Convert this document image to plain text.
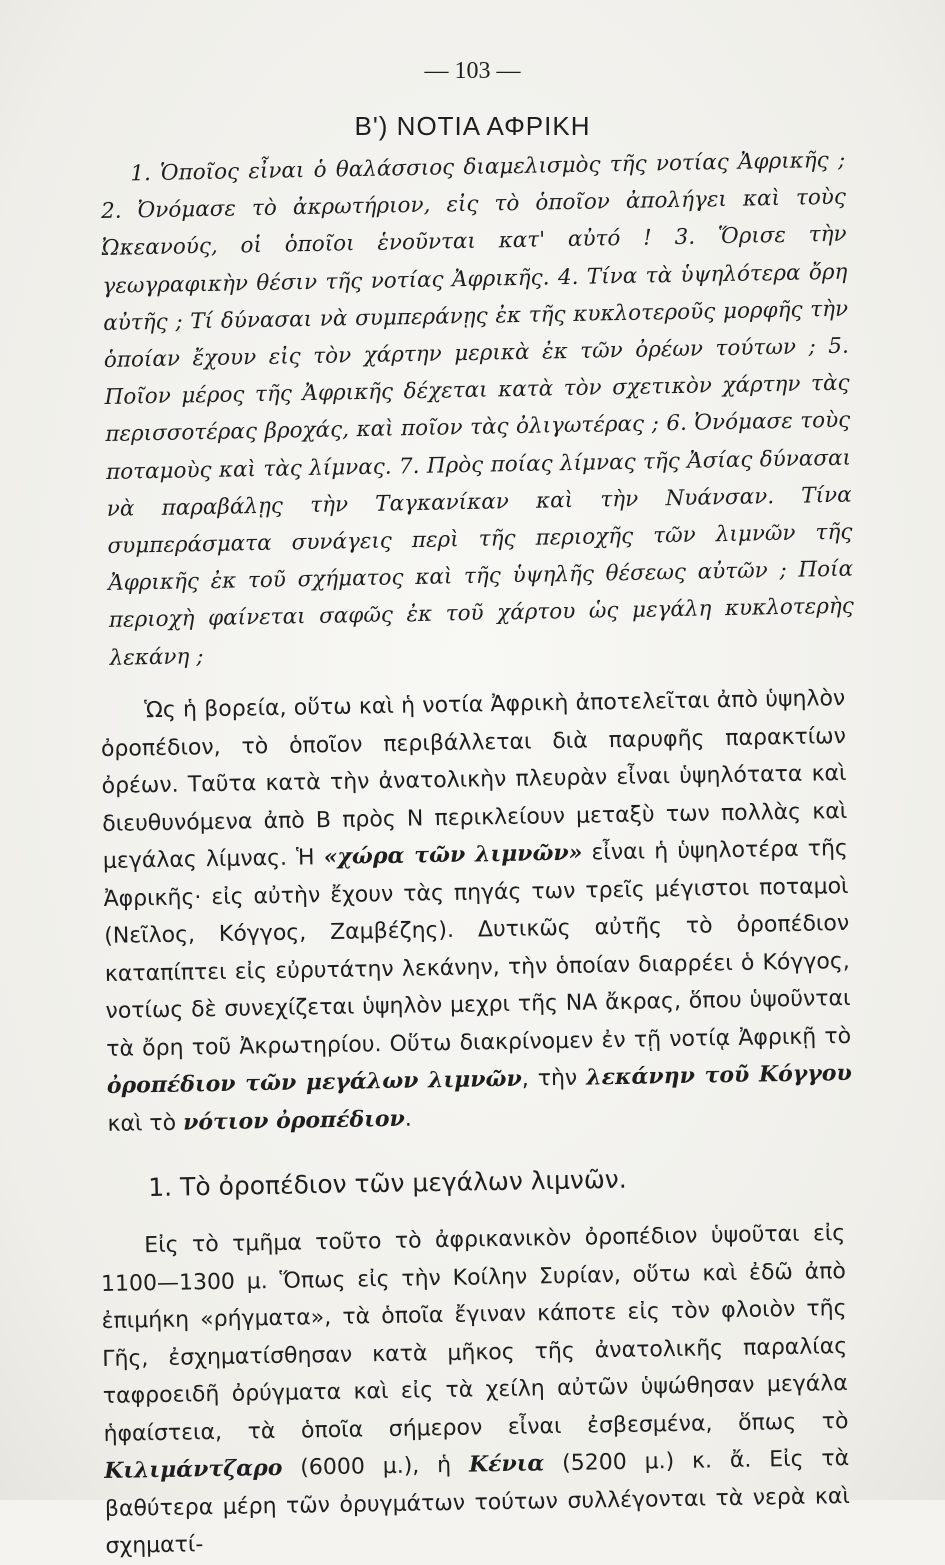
— 103 —
Β') ΝΟΤΙΑ ΑΦΡΙΚΗ

1. Ὁποῖος εἶναι ὁ θαλάσσιος διαμελισμὸς τῆς νοτίας Ἀφρικῆς ; 2. Ὀνόμασε τὸ ἀκρωτήριον, εἰς τὸ ὁποῖον ἀπολήγει καὶ τοὺς Ὠκεανούς, οἱ ὁποῖοι ἑνοῦνται κατ' αὐτό ! 3. Ὅρισε τὴν γεωγραφικὴν θέσιν τῆς νοτίας Ἀφρικῆς. 4. Τίνα τὰ ὑψηλότερα ὄρη αὐτῆς ; Τί δύνασαι νὰ συμπεράνῃς ἐκ τῆς κυκλοτεροῦς μορφῆς τὴν ὁποίαν ἔχουν εἰς τὸν χάρτην μερικὰ ἐκ τῶν ὀρέων τούτων ; 5. Ποῖον μέρος τῆς Ἀφρικῆς δέχεται κατὰ τὸν σχετικὸν χάρτην τὰς περισσοτέρας βροχάς, καὶ ποῖον τὰς ὀλιγωτέρας ; 6. Ὀνόμασε τοὺς ποταμοὺς καὶ τὰς λίμνας. 7. Πρὸς ποίας λίμνας τῆς Ἀσίας δύνασαι νὰ παραβάλῃς τὴν Ταγκανίκαν καὶ τὴν Νυάνσαν. Τίνα συμπεράσματα συνάγεις περὶ τῆς περιοχῆς τῶν λιμνῶν τῆς Ἀφρικῆς ἐκ τοῦ σχήματος καὶ τῆς ὑψηλῆς θέσεως αὐτῶν ; Ποία περιοχὴ φαίνεται σαφῶς ἐκ τοῦ χάρτου ὡς μεγάλη κυκλοτερὴς λεκάνη ;

Ὡς ἡ βορεία, οὕτω καὶ ἡ νοτία Ἀφρικὴ ἀποτελεῖται ἀπὸ ὑψηλὸν ὀροπέδιον, τὸ ὁποῖον περιβάλλεται διὰ παρυφῆς παρακτίων ὀρέων. Ταῦτα κατὰ τὴν ἀνατολικὴν πλευρὰν εἶναι ὑψηλότατα καὶ διευθυνόμενα ἀπὸ Β πρὸς Ν περικλείουν μεταξὺ των πολλὰς καὶ μεγάλας λίμνας. Ἡ «χώρα τῶν λιμνῶν» εἶναι ἡ ὑψηλοτέρα τῆς Ἀφρικῆς· εἰς αὐτὴν ἔχουν τὰς πηγάς των τρεῖς μέγιστοι ποταμοὶ (Νεῖλος, Κόγγος, Ζαμβέζης). Δυτικῶς αὐτῆς τὸ ὀροπέδιον καταπίπτει εἰς εὐρυτάτην λεκάνην, τὴν ὁποίαν διαρρέει ὁ Κόγγος, νοτίως δὲ συνεχίζεται ὑψηλὸν μεχρι τῆς ΝΑ ἄκρας, ὅπου ὑψοῦνται τὰ ὄρη τοῦ Ἀκρωτηρίου. Οὕτω διακρίνομεν ἐν τῇ νοτίᾳ Ἀφρικῇ τὸ ὀροπέδιον τῶν μεγάλων λιμνῶν, τὴν λεκάνην τοῦ Κόγγου καὶ τὸ νότιον ὀροπέδιον.

1. Τὸ ὀροπέδιον τῶν μεγάλων λιμνῶν.

Εἰς τὸ τμῆμα τοῦτο τὸ ἀφρικανικὸν ὀροπέδιον ὑψοῦται εἰς 1100—1300 μ. Ὅπως εἰς τὴν Κοίλην Συρίαν, οὕτω καὶ ἐδῶ ἀπὸ ἐπιμήκη «ρήγματα», τὰ ὁποῖα ἔγιναν κάποτε εἰς τὸν φλοιὸν τῆς Γῆς, ἐσχηματίσθησαν κατὰ μῆκος τῆς ἀνατολικῆς παραλίας ταφροειδῆ ὀρύγματα καὶ εἰς τὰ χείλη αὐτῶν ὑψώθησαν μεγάλα ἡφαίστεια, τὰ ὁποῖα σήμερον εἶναι ἐσβεσμένα, ὅπως τὸ Κιλιμάντζαρο (6000 μ.), ἡ Κένια (5200 μ.) κ. ἄ. Εἰς τὰ βαθύτερα μέρη τῶν ὀρυγμάτων τούτων συλλέγονται τὰ νερὰ καὶ σχηματί-
